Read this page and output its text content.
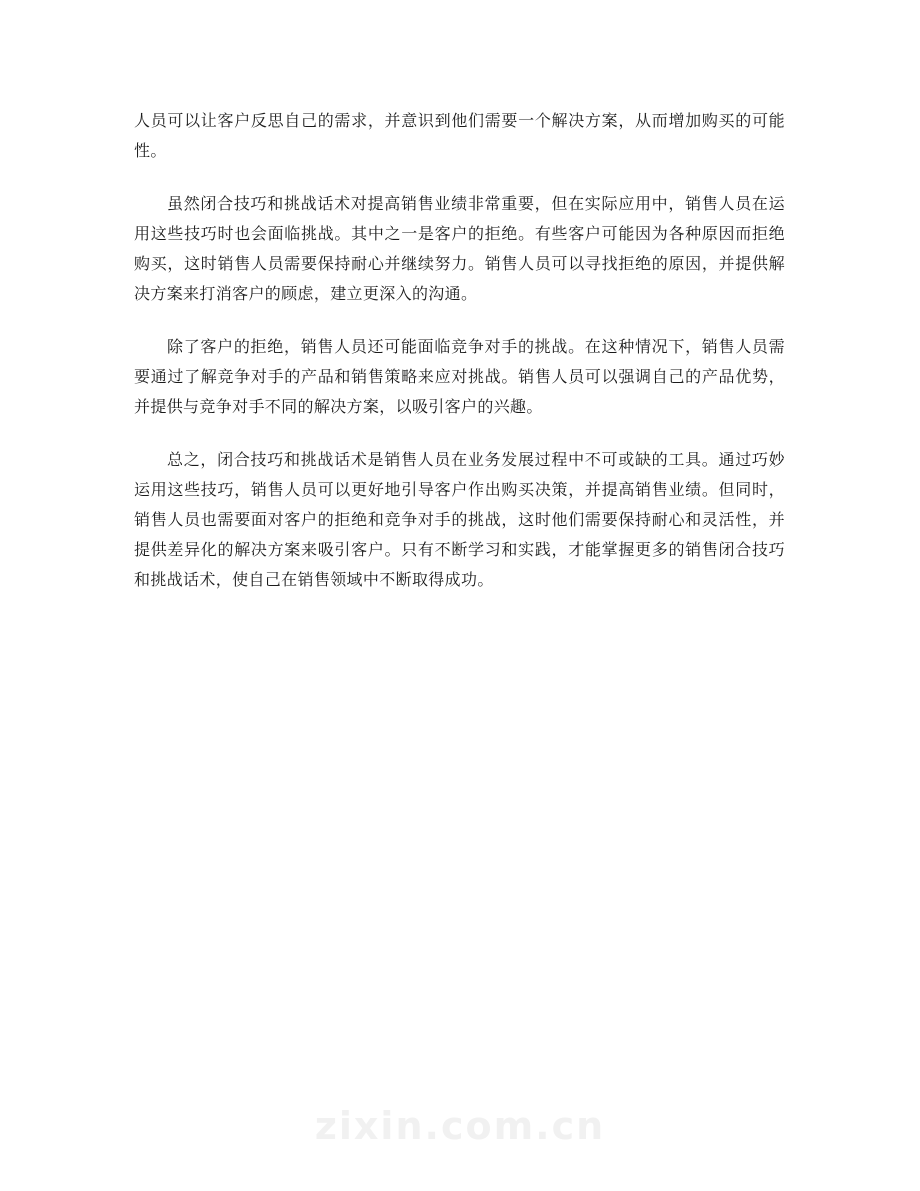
人员可以让客户反思自己的需求，并意识到他们需要一个解决方案，从而增加购买的可能性。

虽然闭合技巧和挑战话术对提高销售业绩非常重要，但在实际应用中，销售人员在运用这些技巧时也会面临挑战。其中之一是客户的拒绝。有些客户可能因为各种原因而拒绝购买，这时销售人员需要保持耐心并继续努力。销售人员可以寻找拒绝的原因，并提供解决方案来打消客户的顾虑，建立更深入的沟通。

除了客户的拒绝，销售人员还可能面临竞争对手的挑战。在这种情况下，销售人员需要通过了解竞争对手的产品和销售策略来应对挑战。销售人员可以强调自己的产品优势，并提供与竞争对手不同的解决方案，以吸引客户的兴趣。

总之，闭合技巧和挑战话术是销售人员在业务发展过程中不可或缺的工具。通过巧妙运用这些技巧，销售人员可以更好地引导客户作出购买决策，并提高销售业绩。但同时，销售人员也需要面对客户的拒绝和竞争对手的挑战，这时他们需要保持耐心和灵活性，并提供差异化的解决方案来吸引客户。只有不断学习和实践，才能掌握更多的销售闭合技巧和挑战话术，使自己在销售领域中不断取得成功。

zixin.com.cn
